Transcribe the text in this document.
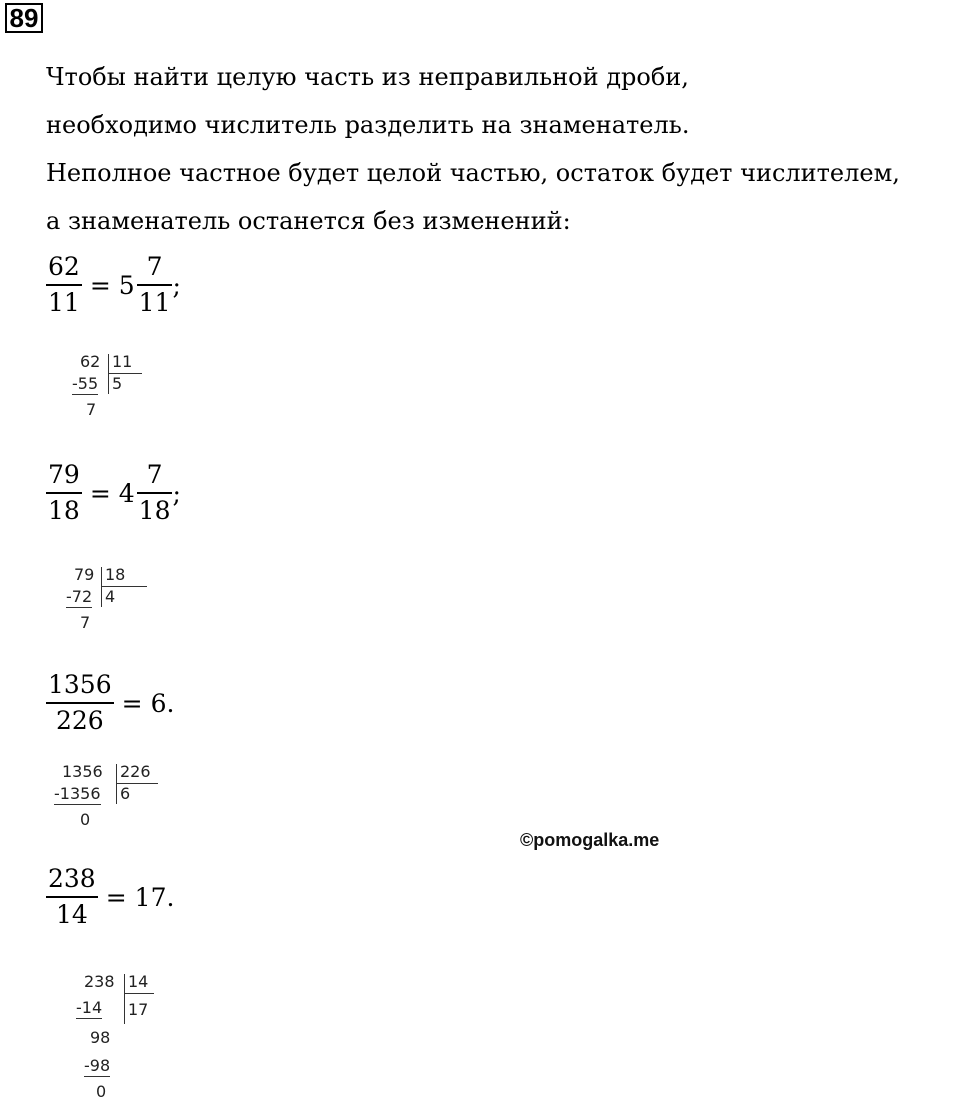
89
Чтобы найти целую часть из неправильной дроби,
необходимо числитель разделить на знаменатель.
Неполное частное будет целой частью, остаток будет числителем,
а знаменатель останется без изменений:
$\frac{62}{11} = 5 \frac{7}{11}$ ;
62 11
-55 5
7
$\frac{79}{18} = 4 \frac{7}{18}$ ;
79 18
-72 4
7
$\frac{1356}{226} = 6$.
1356 226
-1356 6
0
©pomogalka.me
$\frac{238}{14} = 17$.
238 14
-14 17
98
-98
0
